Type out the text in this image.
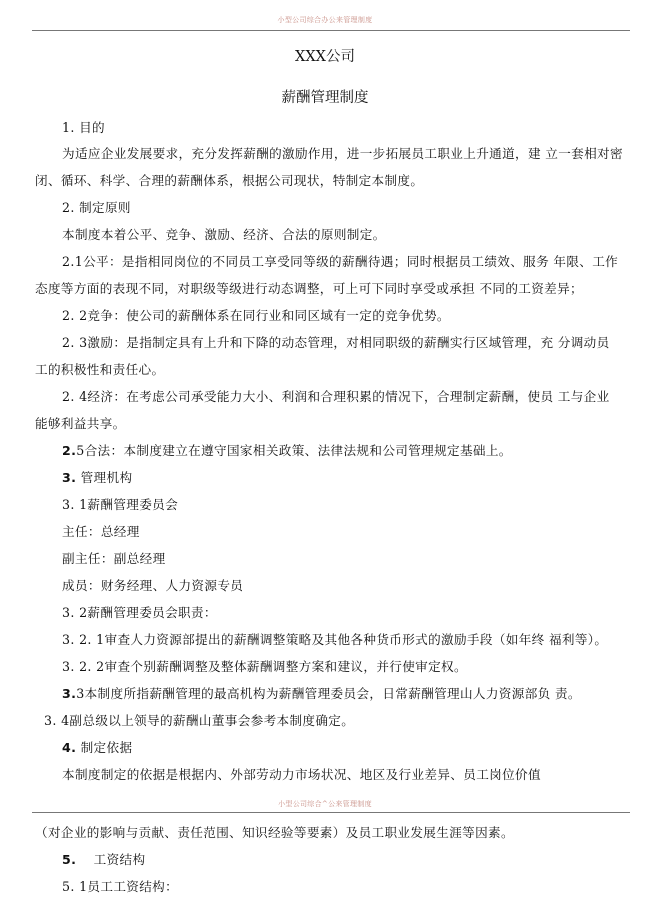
小型公司综合办公来管理制度
XXX公司
薪酬管理制度
1. 目的
为适应企业发展要求，充分发挥薪酬的激励作用，进一步拓展员工职业上升通道，建 立一套相对密
闭、循环、科学、合理的薪酬体系，根据公司现状，特制定本制度。
2. 制定原则
本制度本着公平、竞争、激励、经济、合法的原则制定。
2.1公平：是指相同岗位的不同员工享受同等级的薪酬待遇；同时根据员工绩效、服务 年限、工作
态度等方面的表现不同，对职级等级进行动态调整，可上可下同时享受或承担 不同的工资差异；
2. 2竞争：使公司的薪酬体系在同行业和同区域有一定的竞争优势。
2. 3激励：是指制定具有上升和下降的动态管理，对相同职级的薪酬实行区域管理，充 分调动员
工的积极性和责任心。
2. 4经济：在考虑公司承受能力大小、利润和合理积累的情况下，合理制定薪酬，使员 工与企业
能够利益共享。
2.5合法：本制度建立在遵守国家相关政策、法律法规和公司管理规定基础上。
3. 管理机构
3. 1薪酬管理委员会
主任：总经理
副主任：副总经理
成员：财务经理、人力资源专员
3. 2薪酬管理委员会职责：
3. 2. 1审查人力资源部提出的薪酬调整策略及其他各种货币形式的激励手段（如年终 福利等）。
3. 2. 2审查个别薪酬调整及整体薪酬调整方案和建议，并行使审定权。
3.3本制度所指薪酬管理的最高机构为薪酬管理委员会，日常薪酬管理山人力资源部负 责。
3. 4副总级以上领导的薪酬山董事会参考本制度确定。
4. 制定依据
本制度制定的依据是根据内、外部劳动力市场状况、地区及行业差异、员工岗位价值
小型公司综合^公来管理制度
（对企业的影响与贡献、责任范围、知识经验等要素）及员工职业发展生涯等因素。
5. 工资结构
5. 1员工工资结构：
